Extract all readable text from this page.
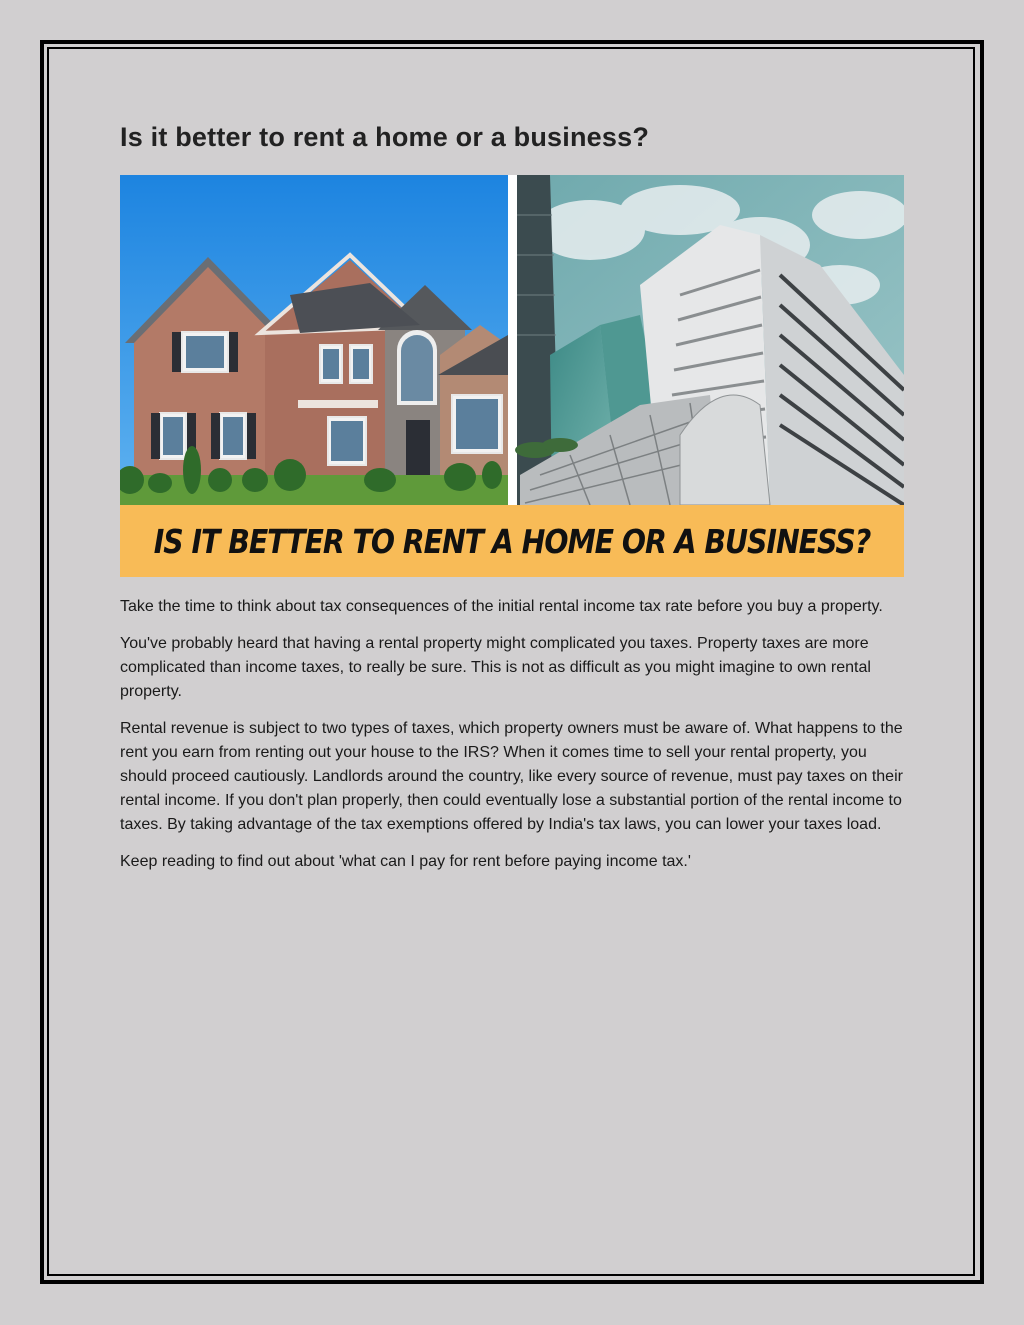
Is it better to rent a home or a business?
IS IT BETTER TO RENT A HOME OR A BUSINESS?

Take the time to think about tax consequences of the initial rental income tax rate before you buy a property.

You've probably heard that having a rental property might complicated you taxes. Property taxes are more complicated than income taxes, to really be sure. This is not as difficult as you might imagine to own rental property.

Rental revenue is subject to two types of taxes, which property owners must be aware of. What happens to the rent you earn from renting out your house to the IRS? When it comes time to sell your rental property, you should proceed cautiously. Landlords around the country, like every source of revenue, must pay taxes on their rental income. If you don't plan properly, then could eventually lose a substantial portion of the rental income to taxes. By taking advantage of the tax exemptions offered by India's tax laws, you can lower your taxes load.

Keep reading to find out about 'what can I pay for rent before paying income tax.'
